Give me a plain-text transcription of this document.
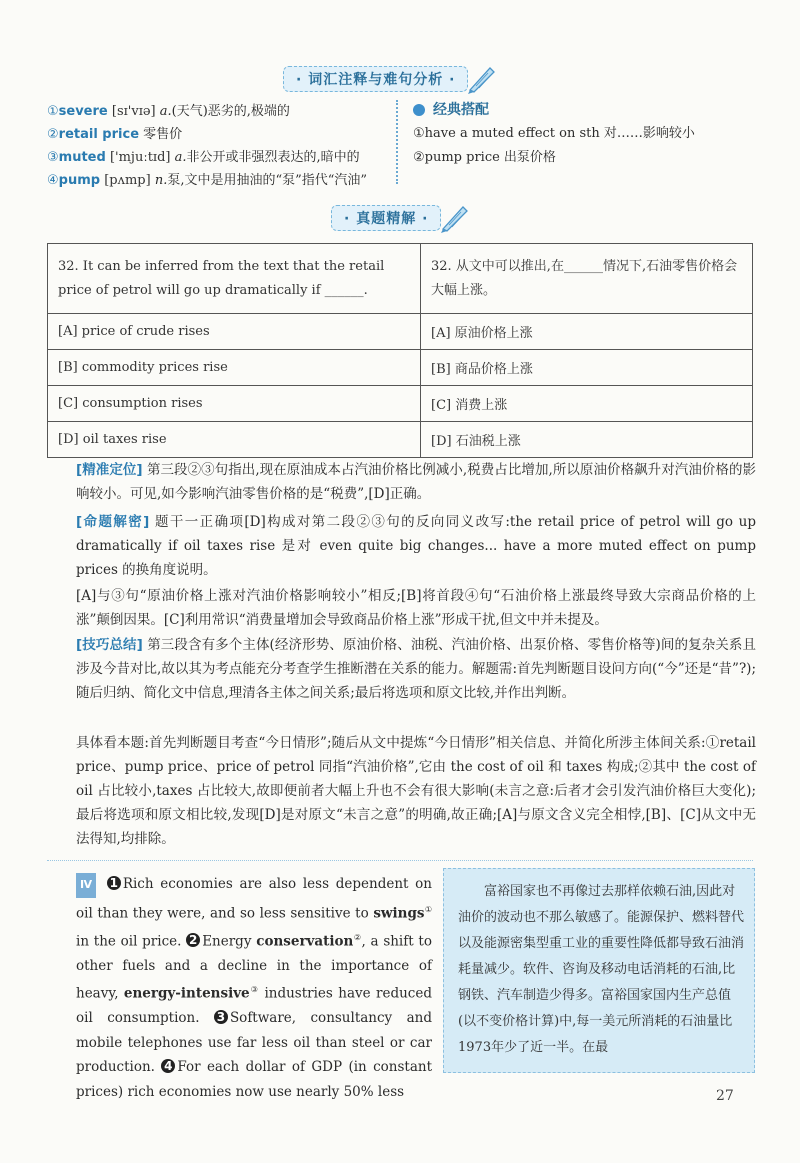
· 词汇注释与难句分析 ·
①severe [sɪ'vɪə] a.(天气)恶劣的,极端的
②retail price 零售价
③muted ['mjuːtɪd] a.非公开或非强烈表达的,暗中的
④pump [pʌmp] n.泵,文中是用抽油的“泵”指代“汽油”
经典搭配
①have a muted effect on sth 对……影响较小
②pump price 出泵价格
· 真题精解 ·
32. It can be inferred from the text that the retail price of petrol will go up dramatically if ______.	32. 从文中可以推出,在______情况下,石油零售价格会大幅上涨。
[A] price of crude rises	[A] 原油价格上涨
[B] commodity prices rise	[B] 商品价格上涨
[C] consumption rises	[C] 消费上涨
[D] oil taxes rise	[D] 石油税上涨
[精准定位] 第三段②③句指出,现在原油成本占汽油价格比例减小,税费占比增加,所以原油价格飙升对汽油价格的影响较小。可见,如今影响汽油零售价格的是“税费”,[D]正确。
[命题解密] 题干一正确项[D]构成对第二段②③句的反向同义改写:the retail price of petrol will go up dramatically if oil taxes rise 是对 even quite big changes... have a more muted effect on pump prices 的换角度说明。
[A]与③句“原油价格上涨对汽油价格影响较小”相反;[B]将首段④句“石油价格上涨最终导致大宗商品价格的上涨”颠倒因果。[C]利用常识“消费量增加会导致商品价格上涨”形成干扰,但文中并未提及。
[技巧总结] 第三段含有多个主体(经济形势、原油价格、油税、汽油价格、出泵价格、零售价格等)间的复杂关系且涉及今昔对比,故以其为考点能充分考查学生推断潜在关系的能力。解题需:首先判断题目设问方向(“今”还是“昔”?);随后归纳、简化文中信息,理清各主体之间关系;最后将选项和原文比较,并作出判断。
具体看本题:首先判断题目考查“今日情形”;随后从文中提炼“今日情形”相关信息、并简化所涉主体间关系:①retail price、pump price、price of petrol 同指“汽油价格”,它由 the cost of oil 和 taxes 构成;②其中 the cost of oil 占比较小,taxes 占比较大,故即便前者大幅上升也不会有很大影响(未言之意:后者才会引发汽油价格巨大变化);最后将选项和原文相比较,发现[D]是对原文“未言之意”的明确,故正确;[A]与原文含义完全相悖,[B]、[C]从文中无法得知,均排除。
Ⅳ 1 Rich economies are also less dependent on oil than they were, and so less sensitive to swings① in the oil price. 2 Energy conservation②, a shift to other fuels and a decline in the importance of heavy, energy-intensive③ industries have reduced oil consumption. 3 Software, consultancy and mobile telephones use far less oil than steel or car production. 4 For each dollar of GDP (in constant prices) rich economies now use nearly 50% less
富裕国家也不再像过去那样依赖石油,因此对油价的波动也不那么敏感了。能源保护、燃料替代以及能源密集型重工业的重要性降低都导致石油消耗量减少。软件、咨询及移动电话消耗的石油,比钢铁、汽车制造少得多。富裕国家国内生产总值(以不变价格计算)中,每一美元所消耗的石油量比1973年少了近一半。在最
27
